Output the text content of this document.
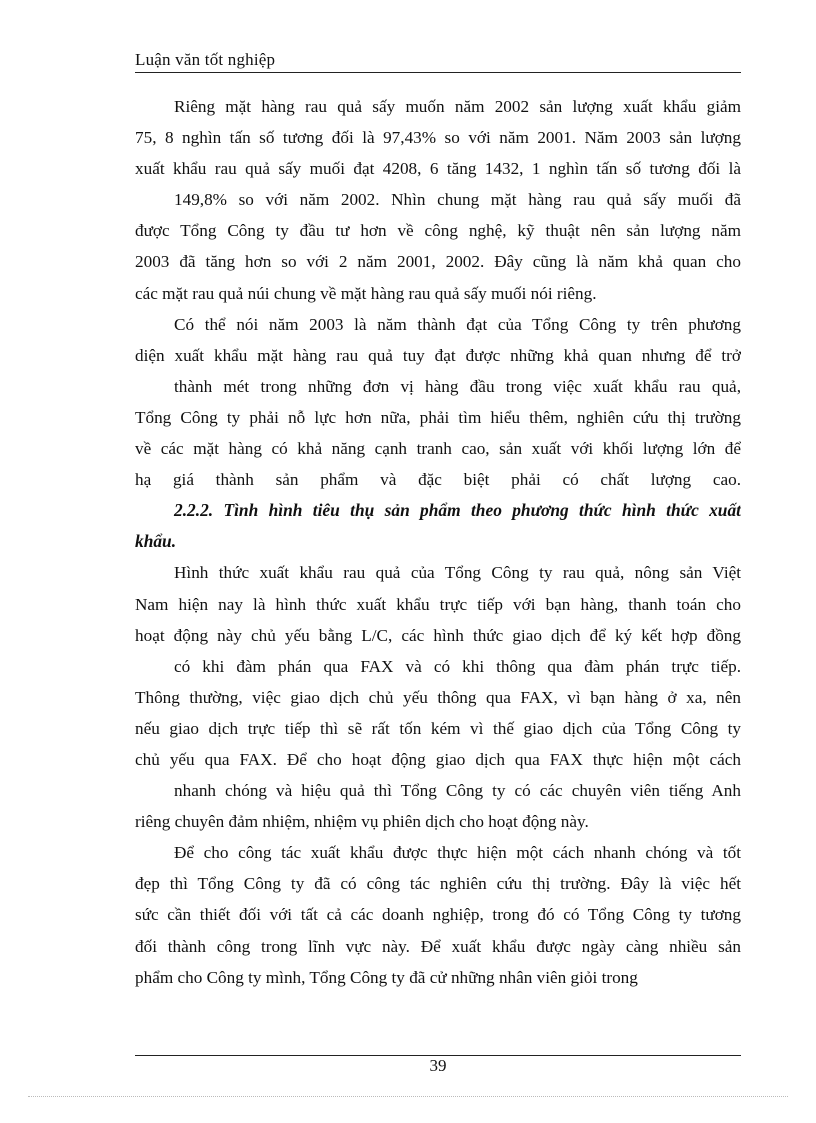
Luận văn tốt nghiệp
Riêng mặt hàng rau quả sấy muốn năm 2002 sản lượng xuất khẩu giảm
75, 8 nghìn tấn số tương đối là 97,43% so với năm 2001. Năm 2003 sản lượng
xuất khẩu rau quả sấy muối đạt 4208, 6 tăng 1432, 1 nghìn tấn số tương đối là
149,8% so với năm 2002. Nhìn chung mặt hàng rau quả sấy muối đã
được Tổng Công ty đầu tư hơn về công nghệ, kỹ thuật nên sản lượng năm
2003 đã tăng hơn so với 2 năm 2001, 2002. Đây cũng là năm khả quan cho
các mặt rau quả núi chung về mặt hàng rau quả sấy muối nói riêng.
Có thể nói năm 2003 là năm thành đạt của Tổng Công ty trên phương
diện xuất khẩu mặt hàng rau quả tuy đạt được những khả quan nhưng để trở
thành mét trong những đơn vị hàng đầu trong việc xuất khẩu rau quả,
Tổng Công ty phải nỗ lực hơn nữa, phải tìm hiểu thêm, nghiên cứu thị trường
về các mặt hàng có khả năng cạnh tranh cao, sản xuất với khối lượng lớn để
hạ giá thành sản phẩm và đặc biệt phải có chất lượng cao.
2.2.2. Tình hình tiêu thụ sản phẩm theo phương thức hình thức xuất
khẩu.
Hình thức xuất khẩu rau quả của Tổng Công ty rau quả, nông sản Việt
Nam hiện nay là hình thức xuất khẩu trực tiếp với bạn hàng, thanh toán cho
hoạt động này chủ yếu bằng L/C, các hình thức giao dịch để ký kết hợp đồng
có khi đàm phán qua FAX và có khi thông qua đàm phán trực tiếp.
Thông thường, việc giao dịch chủ yếu thông qua FAX, vì bạn hàng ở xa, nên
nếu giao dịch trực tiếp thì sẽ rất tốn kém vì thế giao dịch của Tổng Công ty
chủ yếu qua FAX. Để cho hoạt động giao dịch qua FAX thực hiện một cách
nhanh chóng và hiệu quả thì Tổng Công ty có các chuyên viên tiếng Anh
riêng chuyên đảm nhiệm, nhiệm vụ phiên dịch cho hoạt động này.
Để cho công tác xuất khẩu được thực hiện một cách nhanh chóng và tốt
đẹp thì Tổng Công ty đã có công tác nghiên cứu thị trường. Đây là việc hết
sức cần thiết đối với tất cả các doanh nghiệp, trong đó có Tổng Công ty tương
đối thành công trong lĩnh vực này. Để xuất khẩu được ngày càng nhiều sản
phẩm cho Công ty mình, Tổng Công ty đã cử những nhân viên giỏi trong
39
